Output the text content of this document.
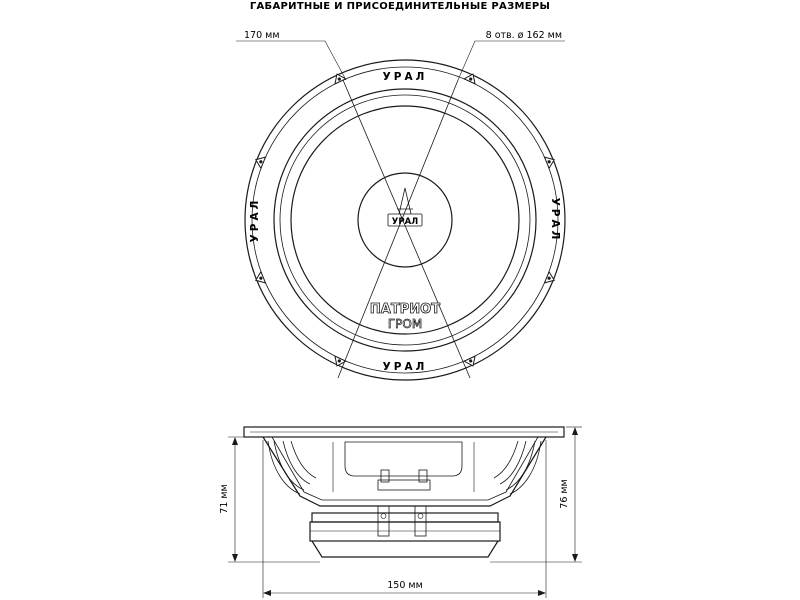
ГАБАРИТНЫЕ И ПРИСОЕДИНИТЕЛЬНЫЕ РАЗМЕРЫ
170 мм	8 отв. ø 162 мм
УРАЛ
УРАЛ
УРАЛ	УРАЛ
УРАЛ
ПАТРИОТ
ГРОМ
71 мм	76 мм
150 мм
